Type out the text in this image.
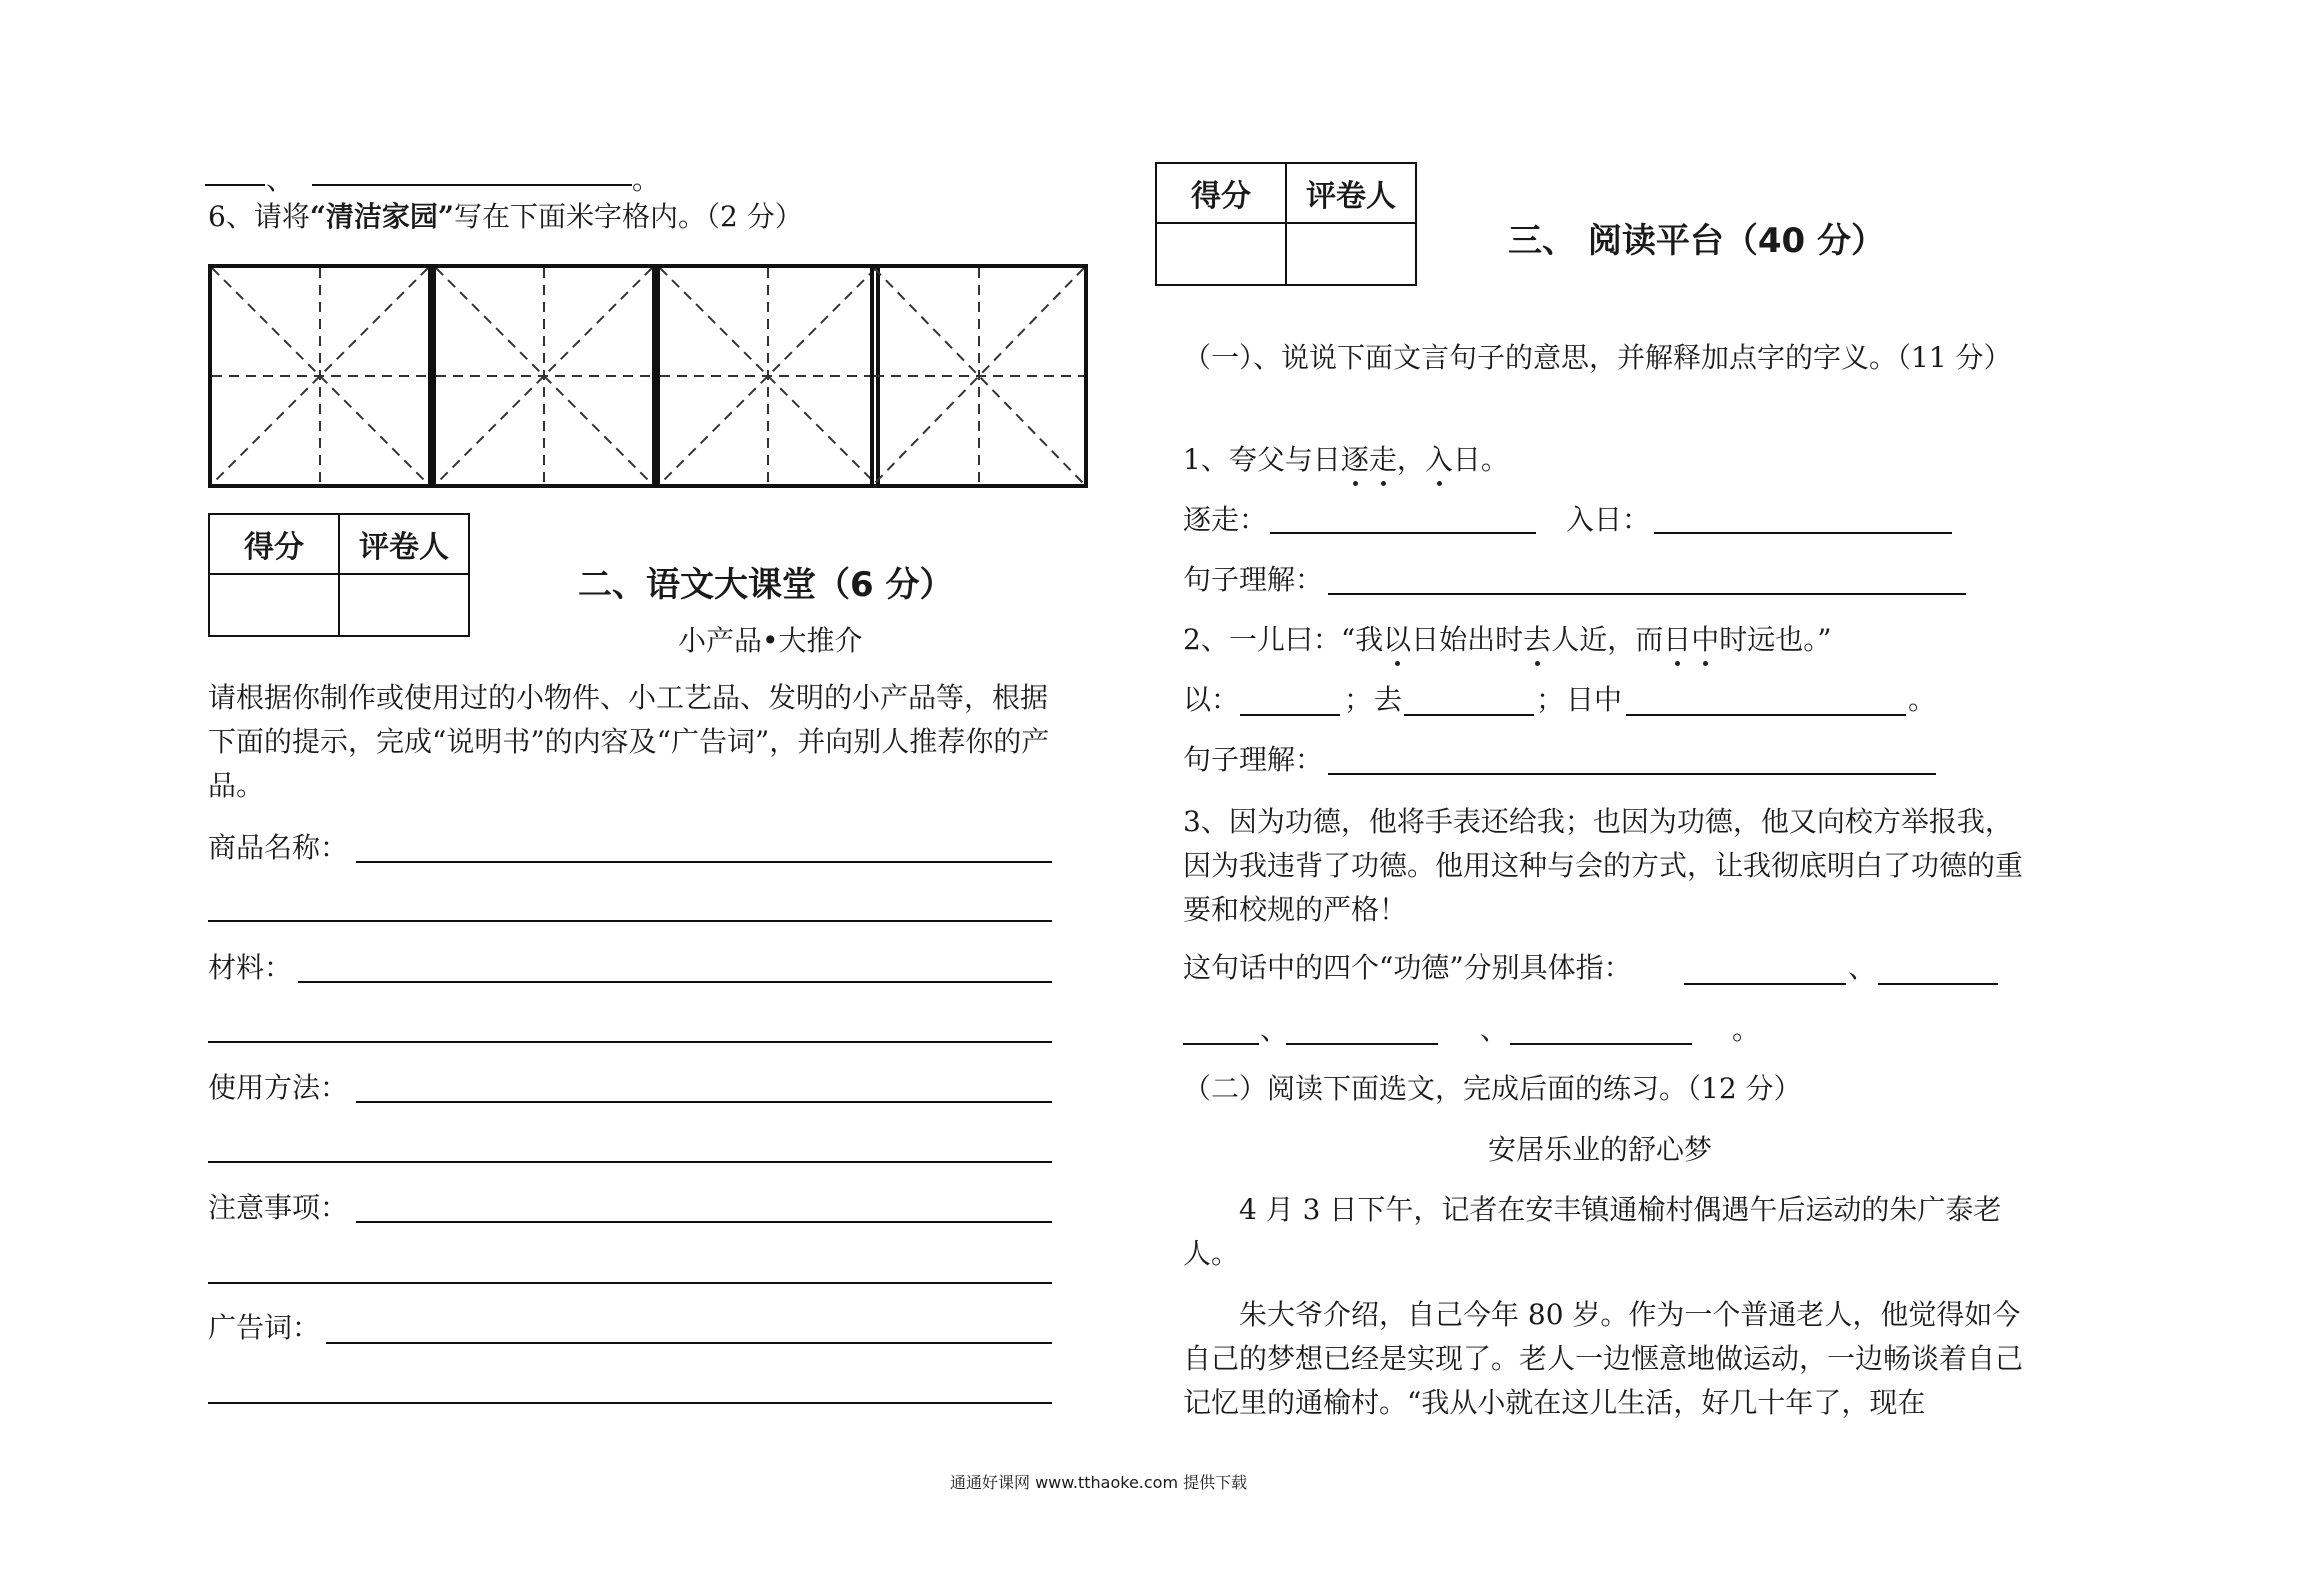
、	。
6、请将“清洁家园”写在下面米字格内。（2 分）
得分	评卷人

二、语文大课堂（6 分）
小产品•大推介

请根据你制作或使用过的小物件、小工艺品、发明的小产品等，根据下面的提示，完成“说明书”的内容及“广告词”，并向别人推荐你的产品。

商品名称：
材料：
使用方法：
注意事项：
广告词：
得分	评卷人

三、 阅读平台（40 分）

（一）、说说下面文言句子的意思，并解释加点字的字义。（11 分）

1、夸父与日逐走，入日。
逐走：	入日：
句子理解：
2、一儿曰：“我以日始出时去人近，而日中时远也。”
以：	； 去	； 日中	。
句子理解：

3、因为功德，他将手表还给我；也因为功德，他又向校方举报我，因为我违背了功德。他用这种与会的方式，让我彻底明白了功德的重要和校规的严格！

这句话中的四个“功德”分别具体指：	、
、	、	。
（二）阅读下面选文，完成后面的练习。（12 分）
安居乐业的舒心梦

4 月 3 日下午，记者在安丰镇通榆村偶遇午后运动的朱广泰老人。

朱大爷介绍，自己今年 80 岁。作为一个普通老人，他觉得如今自己的梦想已经是实现了。老人一边惬意地做运动，一边畅谈着自己记忆里的通榆村。“我从小就在这儿生活，好几十年了，现在

通通好课网 www.tthaoke.com 提供下载
